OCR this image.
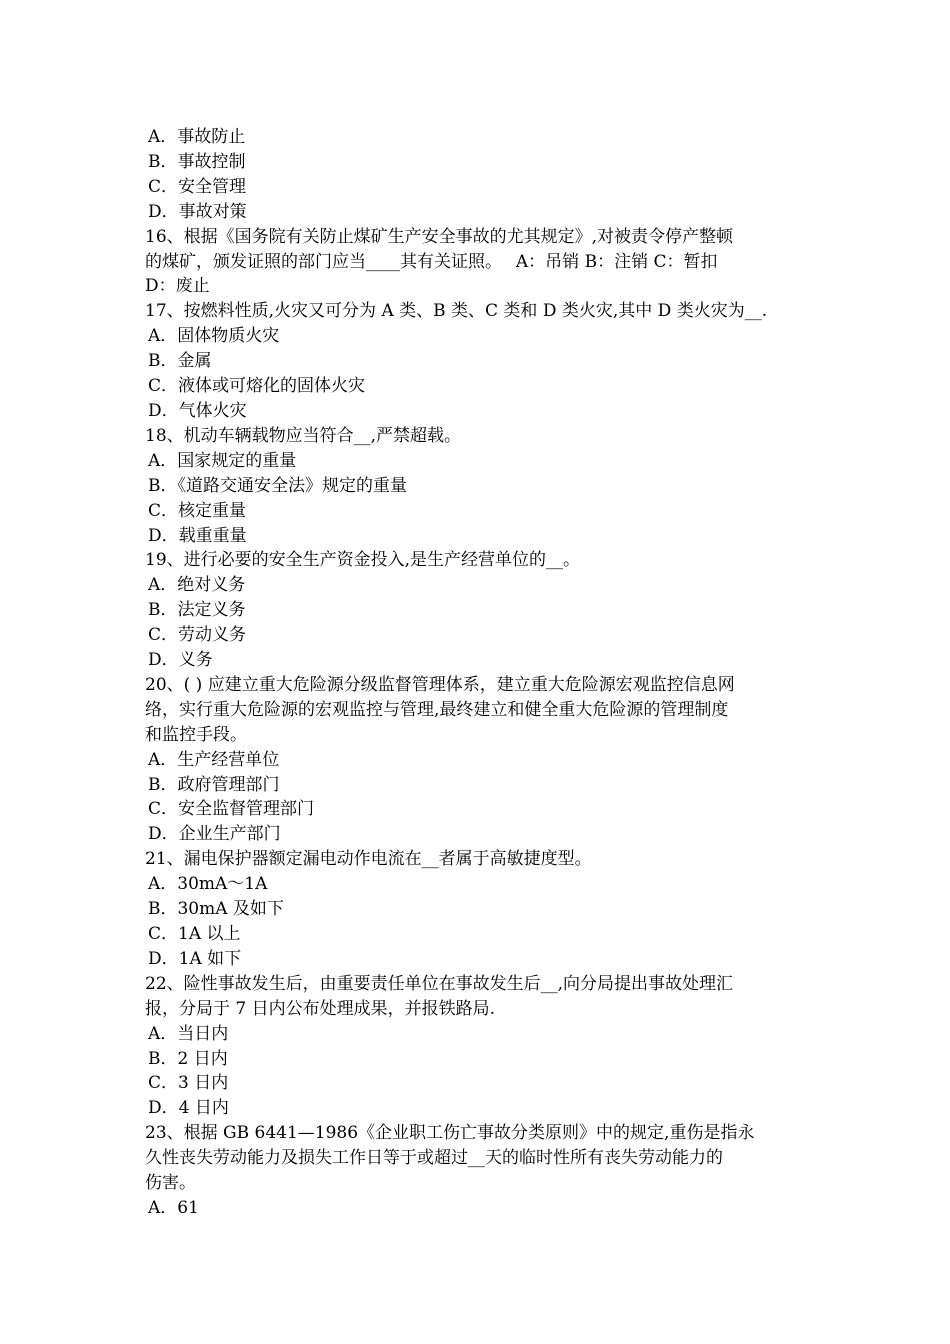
A．事故防止
B．事故控制
C．安全管理
D．事故对策
16、根据《国务院有关防止煤矿生产安全事故的尤其规定》,对被责令停产整顿
的煤矿，颁发证照的部门应当____其有关证照。　 A：吊销 B：注销 C：暂扣
D：废止
17、按燃料性质,火灾又可分为 A 类、B 类、C 类和 D 类火灾,其中 D 类火灾为__.
A．固体物质火灾
B．金属
C．液体或可熔化的固体火灾
D．气体火灾
18、机动车辆载物应当符合__,严禁超载。
A．国家规定的重量
B．《道路交通安全法》规定的重量
C．核定重量
D．载重重量
19、进行必要的安全生产资金投入,是生产经营单位的__。
A．绝对义务
B．法定义务
C．劳动义务
D．义务
20、( ) 应建立重大危险源分级监督管理体系，建立重大危险源宏观监控信息网
络，实行重大危险源的宏观监控与管理,最终建立和健全重大危险源的管理制度
和监控手段。
A．生产经营单位
B．政府管理部门
C．安全监督管理部门
D．企业生产部门
21、漏电保护器额定漏电动作电流在__者属于高敏捷度型。
A．30mA～1A
B．30mA 及如下
C．1A 以上
D．1A 如下
22、险性事故发生后，由重要责任单位在事故发生后__,向分局提出事故处理汇
报，分局于 7 日内公布处理成果，并报铁路局.
A．当日内
B．2 日内
C．3 日内
D．4 日内
23、根据 GB 6441—1986《企业职工伤亡事故分类原则》中的规定,重伤是指永
久性丧失劳动能力及损失工作日等于或超过__天的临时性所有丧失劳动能力的
伤害。
A．61
